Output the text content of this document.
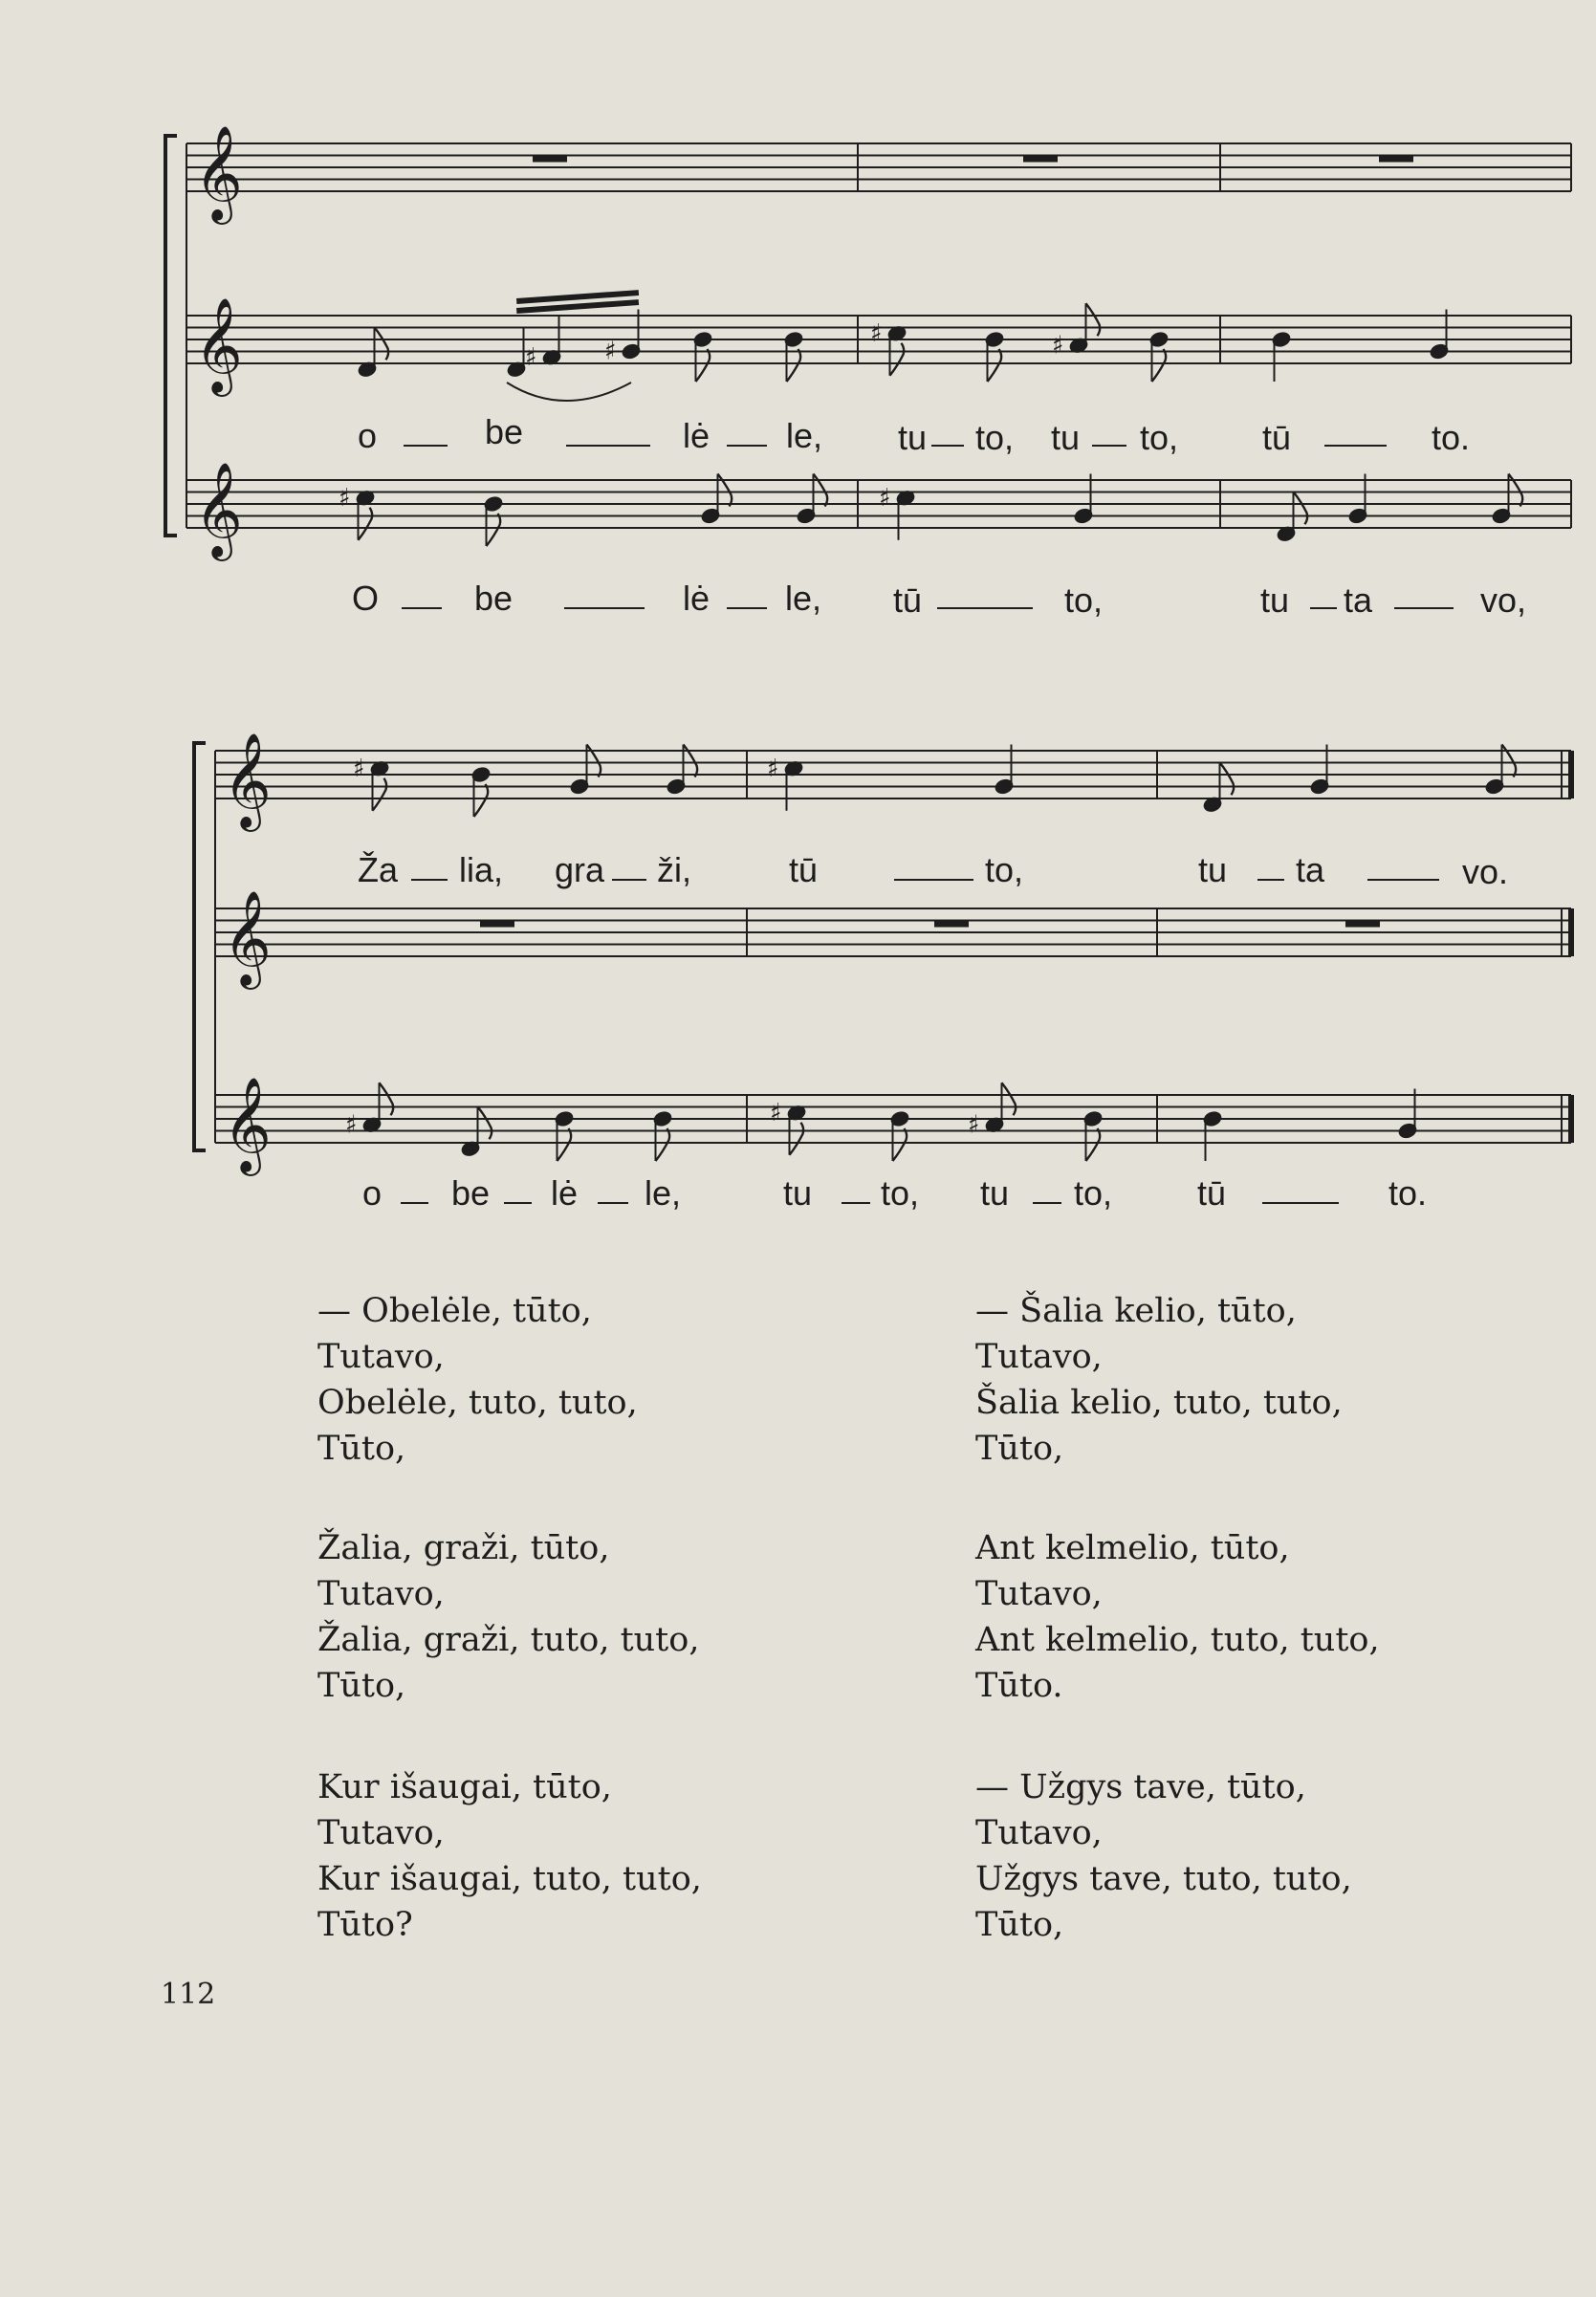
𝄞
𝄞
𝄞
♯	♯
♯	♯
♯	♯
𝄞
𝄞
𝄞
♯	♯
♯	♯	♯
o	be	lė le, tu to, tu to, tū	to.
O	be	lė le, tū	to,	tu ta	vo,
Ža lia, gra ži,	tū	to,	tu ta	vo.
o be lė le,	tu to, tu to, tū	to.
— Obelėle, tūto,
Tutavo,
Obelėle, tuto, tuto,
Tūto,
Žalia, graži, tūto,
Tutavo,
Žalia, graži, tuto, tuto,
Tūto,
Kur išaugai, tūto,
Tutavo,
Kur išaugai, tuto, tuto,
Tūto?
— Šalia kelio, tūto,
Tutavo,
Šalia kelio, tuto, tuto,
Tūto,
Ant kelmelio, tūto,
Tutavo,
Ant kelmelio, tuto, tuto,
Tūto.
— Užgys tave, tūto,
Tutavo,
Užgys tave, tuto, tuto,
Tūto,
112
